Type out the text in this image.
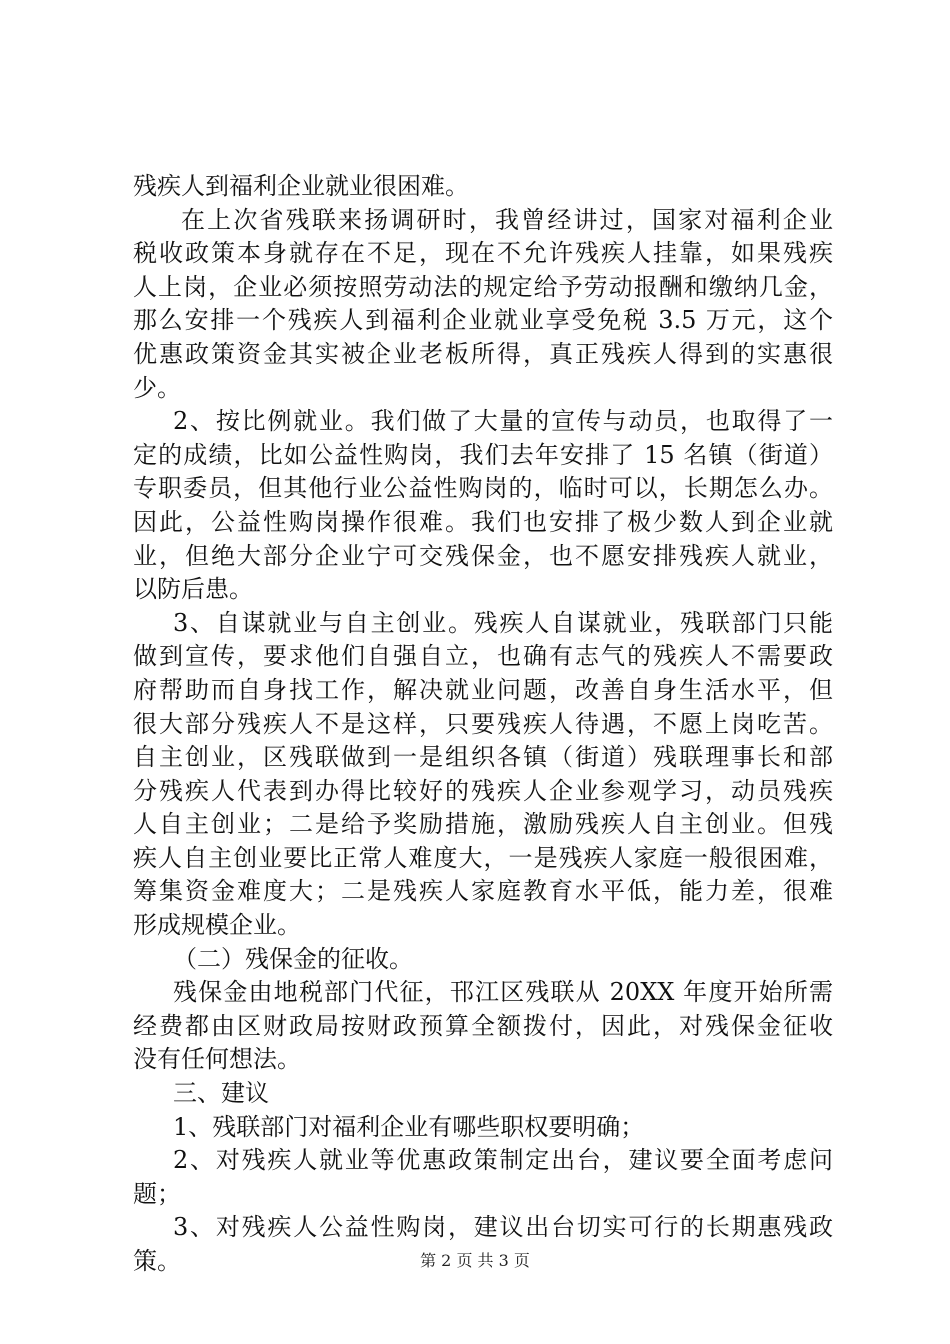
残疾人到福利企业就业很困难。
在上次省残联来扬调研时，我曾经讲过，国家对福利企业
税收政策本身就存在不足，现在不允许残疾人挂靠，如果残疾
人上岗，企业必须按照劳动法的规定给予劳动报酬和缴纳几金，
那么安排一个残疾人到福利企业就业享受免税 3.5 万元，这个
优惠政策资金其实被企业老板所得，真正残疾人得到的实惠很
少。
2、按比例就业。我们做了大量的宣传与动员，也取得了一
定的成绩，比如公益性购岗，我们去年安排了 15 名镇（街道）
专职委员，但其他行业公益性购岗的，临时可以，长期怎么办。
因此，公益性购岗操作很难。我们也安排了极少数人到企业就
业，但绝大部分企业宁可交残保金，也不愿安排残疾人就业，
以防后患。
3、自谋就业与自主创业。残疾人自谋就业，残联部门只能
做到宣传，要求他们自强自立，也确有志气的残疾人不需要政
府帮助而自身找工作，解决就业问题，改善自身生活水平，但
很大部分残疾人不是这样，只要残疾人待遇，不愿上岗吃苦。
自主创业，区残联做到一是组织各镇（街道）残联理事长和部
分残疾人代表到办得比较好的残疾人企业参观学习，动员残疾
人自主创业；二是给予奖励措施，激励残疾人自主创业。但残
疾人自主创业要比正常人难度大，一是残疾人家庭一般很困难，
筹集资金难度大；二是残疾人家庭教育水平低，能力差，很难
形成规模企业。
（二）残保金的征收。
残保金由地税部门代征，邗江区残联从 20XX 年度开始所需
经费都由区财政局按财政预算全额拨付，因此，对残保金征收
没有任何想法。
三、建议
1、残联部门对福利企业有哪些职权要明确；
2、对残疾人就业等优惠政策制定出台，建议要全面考虑问
题；
3、对残疾人公益性购岗，建议出台切实可行的长期惠残政
策。	第 2 页 共 3 页
